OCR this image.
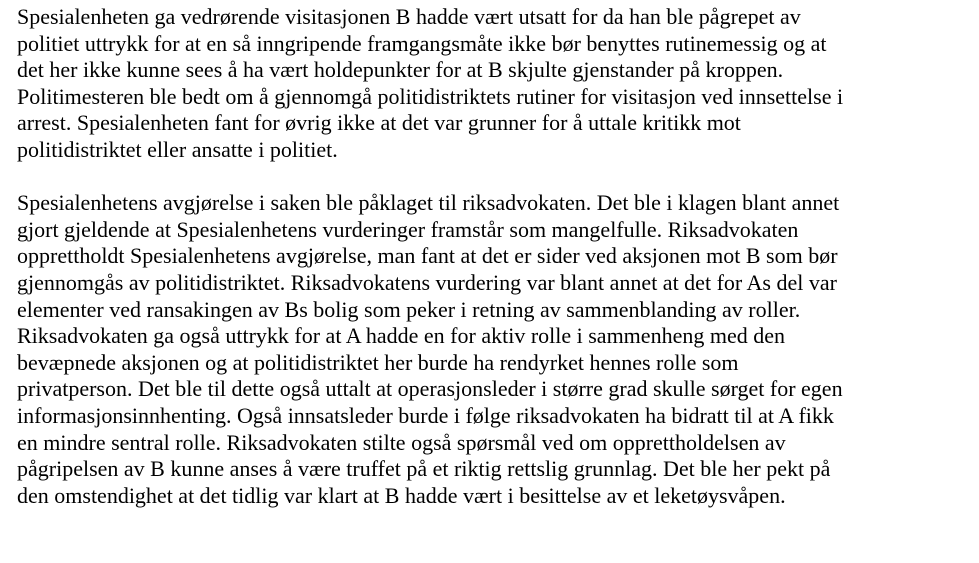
Spesialenheten ga vedrørende visitasjonen B hadde vært utsatt for da han ble pågrepet av
politiet uttrykk for at en så inngripende framgangsmåte ikke bør benyttes rutinemessig og at
det her ikke kunne sees å ha vært holdepunkter for at B skjulte gjenstander på kroppen.
Politimesteren ble bedt om å gjennomgå politidistriktets rutiner for visitasjon ved innsettelse i
arrest. Spesialenheten fant for øvrig ikke at det var grunner for å uttale kritikk mot
politidistriktet eller ansatte i politiet.
Spesialenhetens avgjørelse i saken ble påklaget til riksadvokaten. Det ble i klagen blant annet
gjort gjeldende at Spesialenhetens vurderinger framstår som mangelfulle. Riksadvokaten
opprettholdt Spesialenhetens avgjørelse, man fant at det er sider ved aksjonen mot B som bør
gjennomgås av politidistriktet. Riksadvokatens vurdering var blant annet at det for As del var
elementer ved ransakingen av Bs bolig som peker i retning av sammenblanding av roller.
Riksadvokaten ga også uttrykk for at A hadde en for aktiv rolle i sammenheng med den
bevæpnede aksjonen og at politidistriktet her burde ha rendyrket hennes rolle som
privatperson. Det ble til dette også uttalt at operasjonsleder i større grad skulle sørget for egen
informasjonsinnhenting. Også innsatsleder burde i følge riksadvokaten ha bidratt til at A fikk
en mindre sentral rolle. Riksadvokaten stilte også spørsmål ved om opprettholdelsen av
pågripelsen av B kunne anses å være truffet på et riktig rettslig grunnlag. Det ble her pekt på
den omstendighet at det tidlig var klart at B hadde vært i besittelse av et leketøysvåpen.
